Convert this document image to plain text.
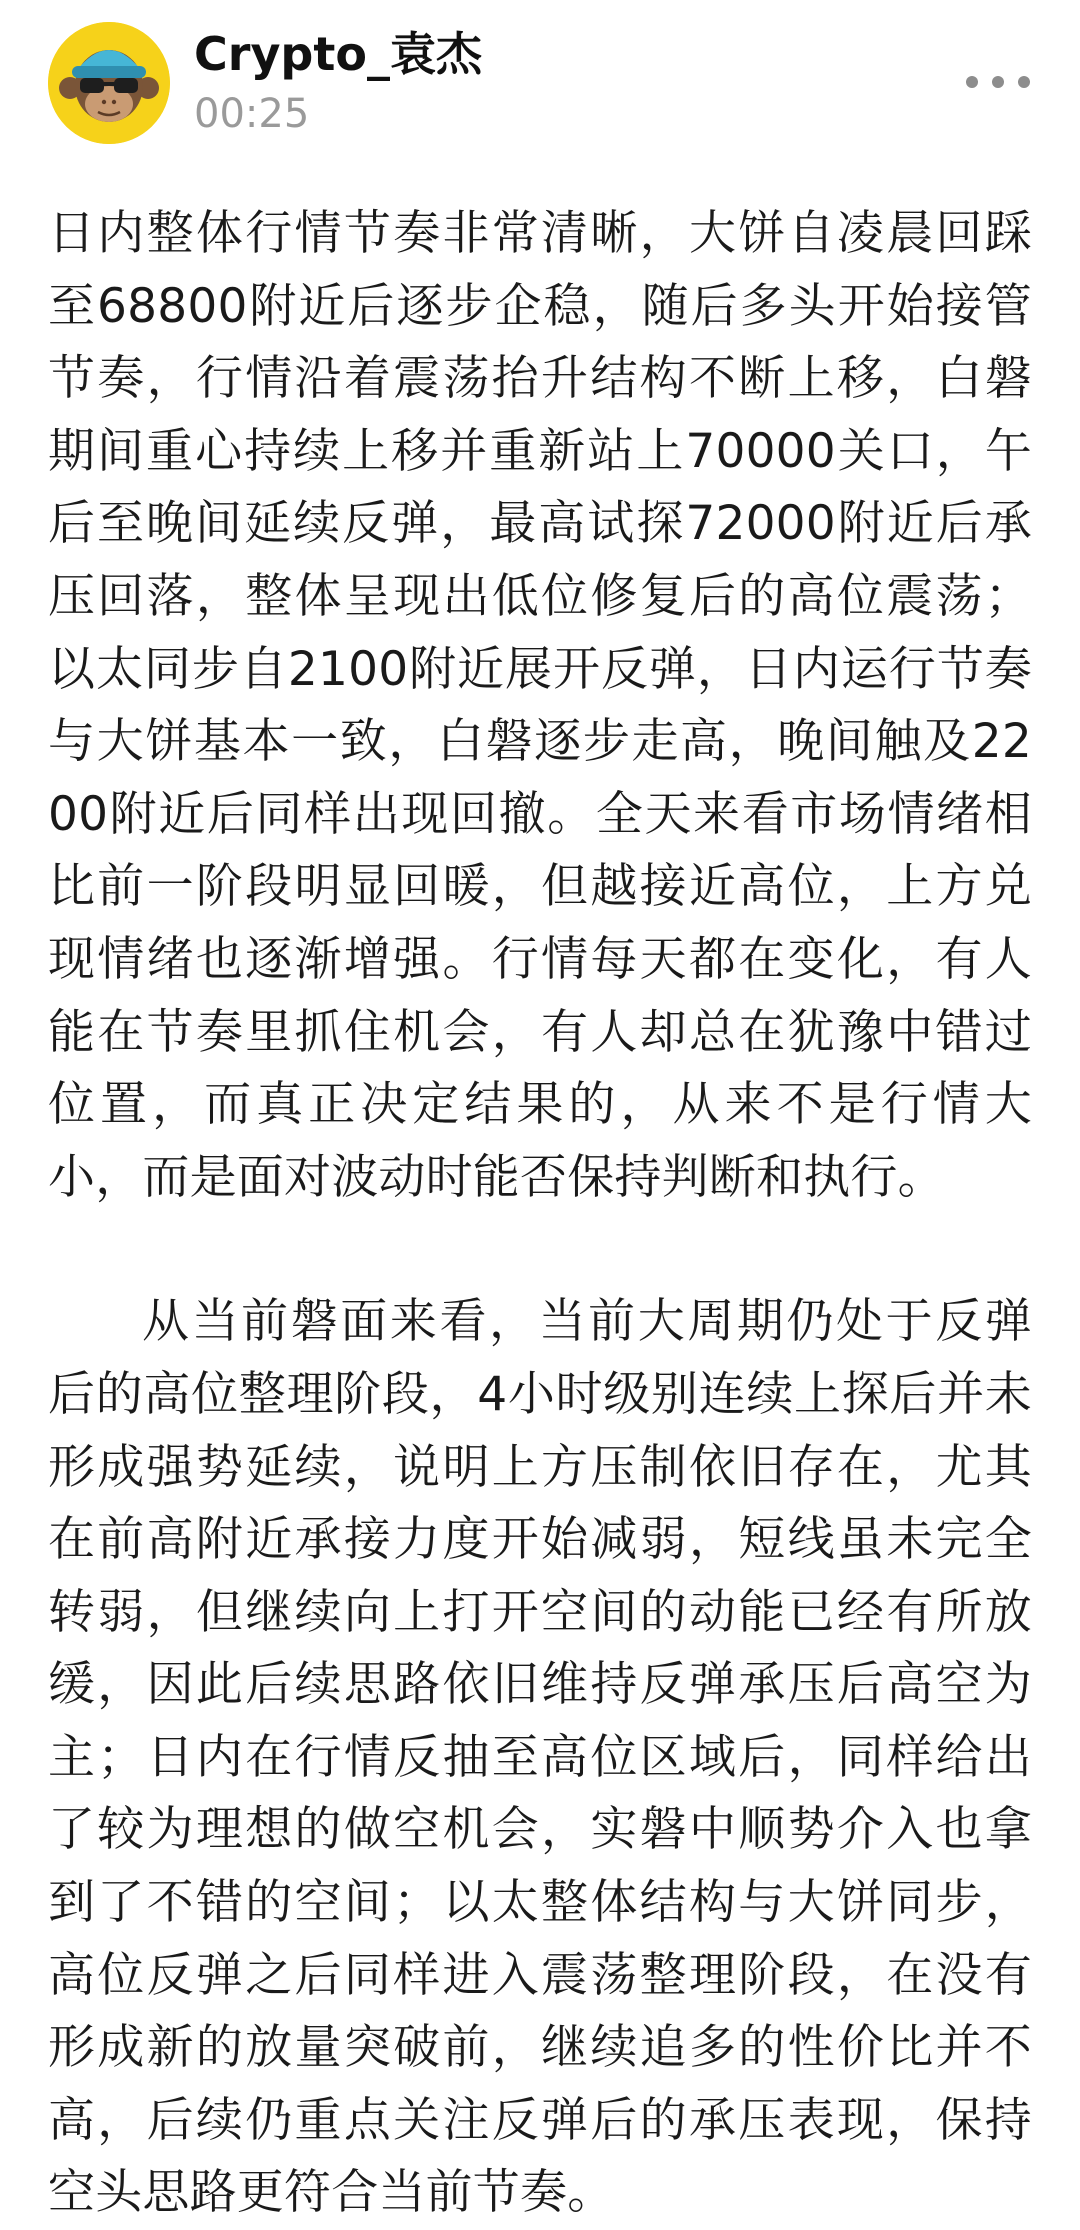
Crypto_袁杰
00:25

日内整体行情节奏非常清晰，大饼自凌晨回踩至68800附近后逐步企稳，随后多头开始接管节奏，行情沿着震荡抬升结构不断上移，白磐期间重心持续上移并重新站上70000关口，午后至晚间延续反弹，最高试探72000附近后承压回落，整体呈现出低位修复后的高位震荡；以太同步自2100附近展开反弹，日内运行节奏与大饼基本一致，白磐逐步走高，晚间触及2200附近后同样出现回撤。全天来看市场情绪相比前一阶段明显回暖，但越接近高位，上方兑现情绪也逐渐增强。行情每天都在变化，有人能在节奏里抓住机会，有人却总在犹豫中错过位置，而真正决定结果的，从来不是行情大小，而是面对波动时能否保持判断和执行。

从当前磐面来看，当前大周期仍处于反弹后的高位整理阶段，4小时级别连续上探后并未形成强势延续，说明上方压制依旧存在，尤其在前高附近承接力度开始减弱，短线虽未完全转弱，但继续向上打开空间的动能已经有所放缓，因此后续思路依旧维持反弹承压后高空为主；日内在行情反抽至高位区域后，同样给出了较为理想的做空机会，实磐中顺势介入也拿到了不错的空间；以太整体结构与大饼同步，高位反弹之后同样进入震荡整理阶段，在没有形成新的放量突破前，继续追多的性价比并不高，后续仍重点关注反弹后的承压表现，保持空头思路更符合当前节奏。
